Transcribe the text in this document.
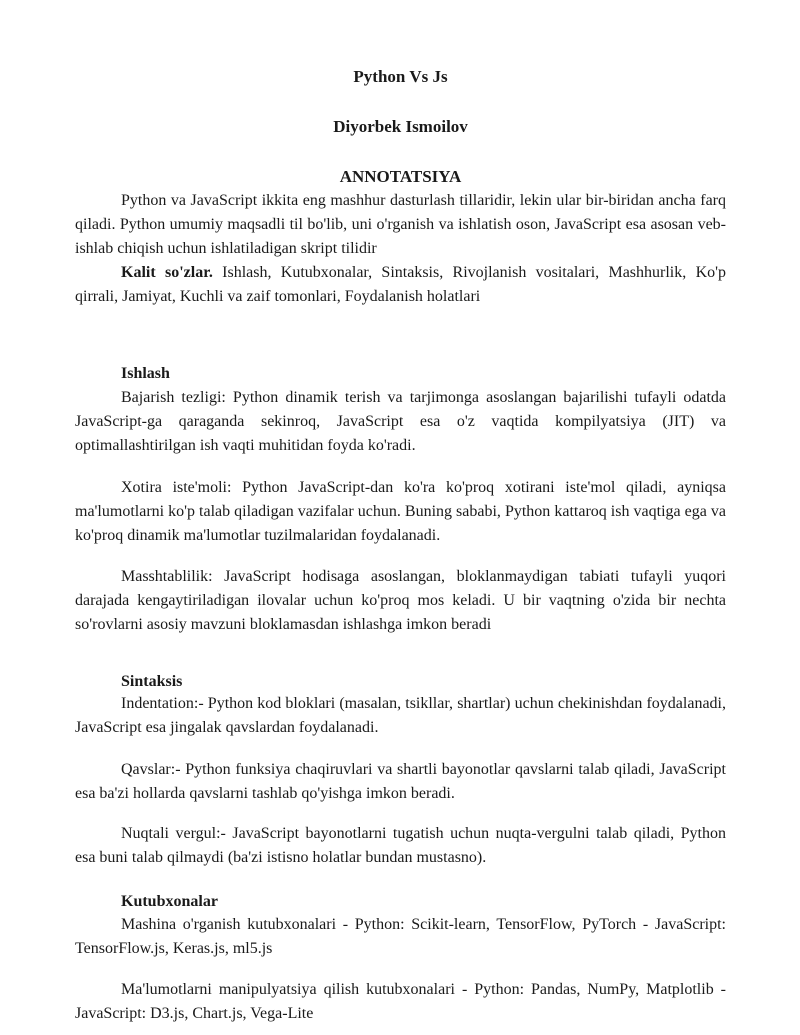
Python Vs Js
Diyorbek Ismoilov
ANNOTATSIYA

Python va JavaScript ikkita eng mashhur dasturlash tillaridir, lekin ular bir-biridan ancha farq qiladi. Python umumiy maqsadli til bo'lib, uni o'rganish va ishlatish oson, JavaScript esa asosan veb-ishlab chiqish uchun ishlatiladigan skript tilidir

Kalit so'zlar. Ishlash, Kutubxonalar, Sintaksis, Rivojlanish vositalari, Mashhurlik, Ko'p qirrali, Jamiyat, Kuchli va zaif tomonlari, Foydalanish holatlari

Ishlash

Bajarish tezligi: Python dinamik terish va tarjimonga asoslangan bajarilishi tufayli odatda JavaScript-ga qaraganda sekinroq, JavaScript esa o'z vaqtida kompilyatsiya (JIT) va optimallashtirilgan ish vaqti muhitidan foyda ko'radi.

Xotira iste'moli: Python JavaScript-dan ko'ra ko'proq xotirani iste'mol qiladi, ayniqsa ma'lumotlarni ko'p talab qiladigan vazifalar uchun. Buning sababi, Python kattaroq ish vaqtiga ega va ko'proq dinamik ma'lumotlar tuzilmalaridan foydalanadi.

Masshtablilik: JavaScript hodisaga asoslangan, bloklanmaydigan tabiati tufayli yuqori darajada kengaytiriladigan ilovalar uchun ko'proq mos keladi. U bir vaqtning o'zida bir nechta so'rovlarni asosiy mavzuni bloklamasdan ishlashga imkon beradi

Sintaksis

Indentation:- Python kod bloklari (masalan, tsikllar, shartlar) uchun chekinishdan foydalanadi, JavaScript esa jingalak qavslardan foydalanadi.

Qavslar:- Python funksiya chaqiruvlari va shartli bayonotlar qavslarni talab qiladi, JavaScript esa ba'zi hollarda qavslarni tashlab qo'yishga imkon beradi.

Nuqtali vergul:- JavaScript bayonotlarni tugatish uchun nuqta-vergulni talab qiladi, Python esa buni talab qilmaydi (ba'zi istisno holatlar bundan mustasno).

Kutubxonalar

Mashina o'rganish kutubxonalari - Python: Scikit-learn, TensorFlow, PyTorch - JavaScript: TensorFlow.js, Keras.js, ml5.js

Ma'lumotlarni manipulyatsiya qilish kutubxonalari - Python: Pandas, NumPy, Matplotlib - JavaScript: D3.js, Chart.js, Vega-Lite
